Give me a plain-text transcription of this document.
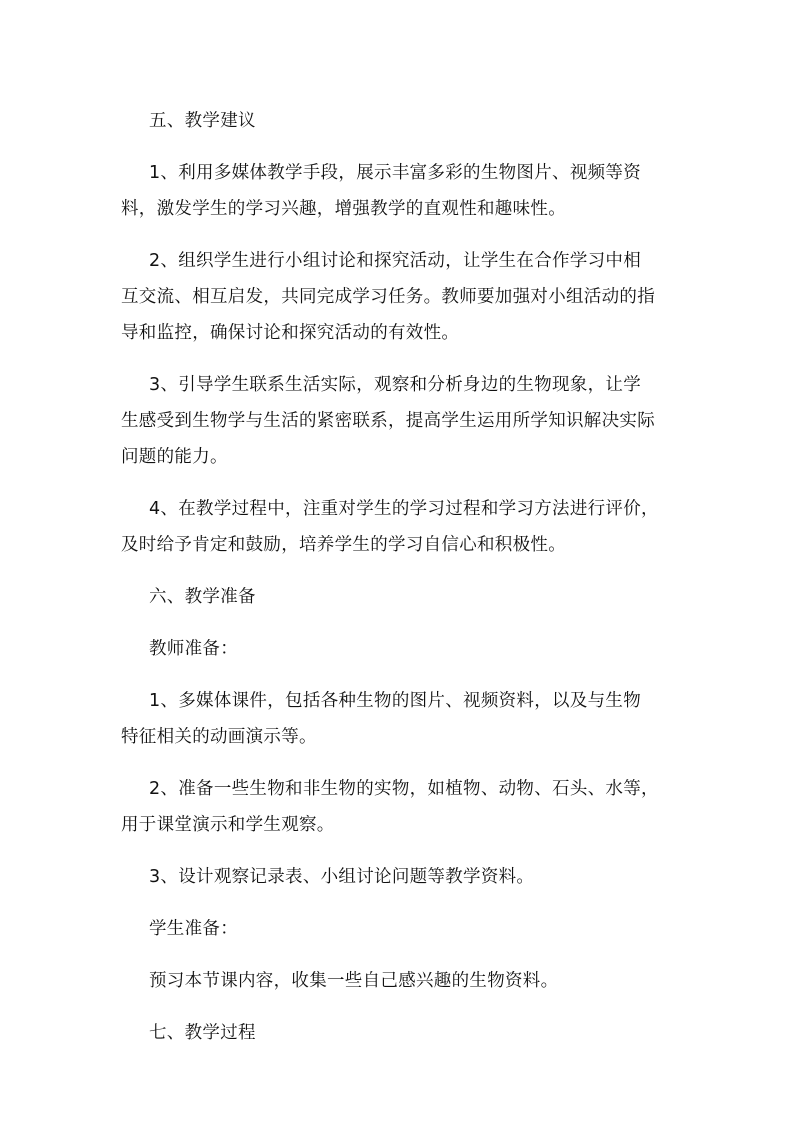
五、教学建议
1、利用多媒体教学手段，展示丰富多彩的生物图片、视频等资
料，激发学生的学习兴趣，增强教学的直观性和趣味性。
2、组织学生进行小组讨论和探究活动，让学生在合作学习中相
互交流、相互启发，共同完成学习任务。教师要加强对小组活动的指
导和监控，确保讨论和探究活动的有效性。
3、引导学生联系生活实际，观察和分析身边的生物现象，让学
生感受到生物学与生活的紧密联系，提高学生运用所学知识解决实际
问题的能力。
4、在教学过程中，注重对学生的学习过程和学习方法进行评价，
及时给予肯定和鼓励，培养学生的学习自信心和积极性。
六、教学准备
教师准备：
1、多媒体课件，包括各种生物的图片、视频资料，以及与生物
特征相关的动画演示等。
2、准备一些生物和非生物的实物，如植物、动物、石头、水等，
用于课堂演示和学生观察。
3、设计观察记录表、小组讨论问题等教学资料。
学生准备：
预习本节课内容，收集一些自己感兴趣的生物资料。
七、教学过程
